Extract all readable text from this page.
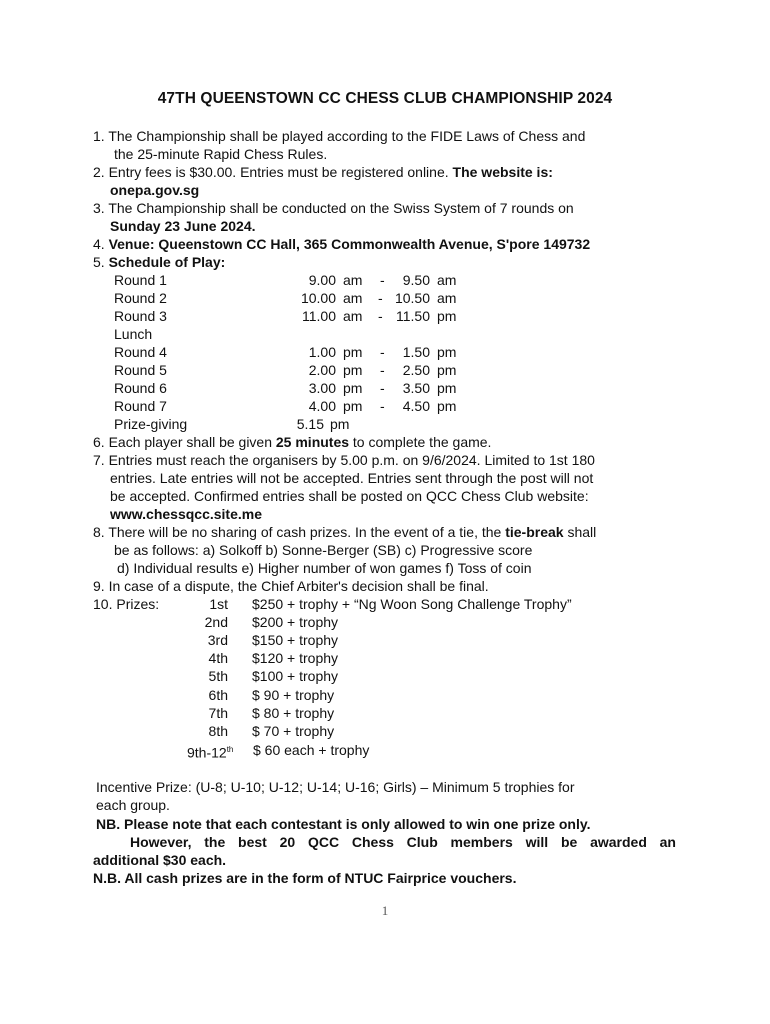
47TH QUEENSTOWN CC CHESS CLUB CHAMPIONSHIP 2024
1. The Championship shall be played according to the FIDE Laws of Chess and
the 25-minute Rapid Chess Rules.
2. Entry fees is $30.00. Entries must be registered online. The website is:
onepa.gov.sg
3. The Championship shall be conducted on the Swiss System of 7 rounds on
Sunday 23 June 2024.
4. Venue: Queenstown CC Hall, 365 Commonwealth Avenue, S'pore 149732
5. Schedule of Play:
Round 1	9.00 am -	9.50 am
Round 2	10.00 am - 10.50 am
Round 3	11.00 am - 11.50 pm
Lunch
Round 4	1.00 pm -	1.50 pm
Round 5	2.00 pm -	2.50 pm
Round 6	3.00 pm -	3.50 pm
Round 7	4.00 pm -	4.50 pm
Prize-giving	5.15 pm
6. Each player shall be given 25 minutes to complete the game.
7. Entries must reach the organisers by 5.00 p.m. on 9/6/2024. Limited to 1st 180
entries. Late entries will not be accepted. Entries sent through the post will not
be accepted. Confirmed entries shall be posted on QCC Chess Club website:
www.chessqcc.site.me
8. There will be no sharing of cash prizes. In the event of a tie, the tie-break shall
be as follows: a) Solkoff b) Sonne-Berger (SB) c) Progressive score
d) Individual results e) Higher number of won games f) Toss of coin
9. In case of a dispute, the Chief Arbiter's decision shall be final.
10. Prizes:	1st $250 + trophy + “Ng Woon Song Challenge Trophy”
2nd $200 + trophy
3rd $150 + trophy
4th $120 + trophy
5th $100 + trophy
6th $ 90 + trophy
7th $ 80 + trophy
8th $ 70 + trophy
9th-12th $ 60 each + trophy
Incentive Prize: (U-8; U-10; U-12; U-14; U-16; Girls) – Minimum 5 trophies for
each group.
NB. Please note that each contestant is only allowed to win one prize only.
However, the best 20 QCC Chess Club members will be awarded an
additional $30 each.
N.B. All cash prizes are in the form of NTUC Fairprice vouchers.
1
